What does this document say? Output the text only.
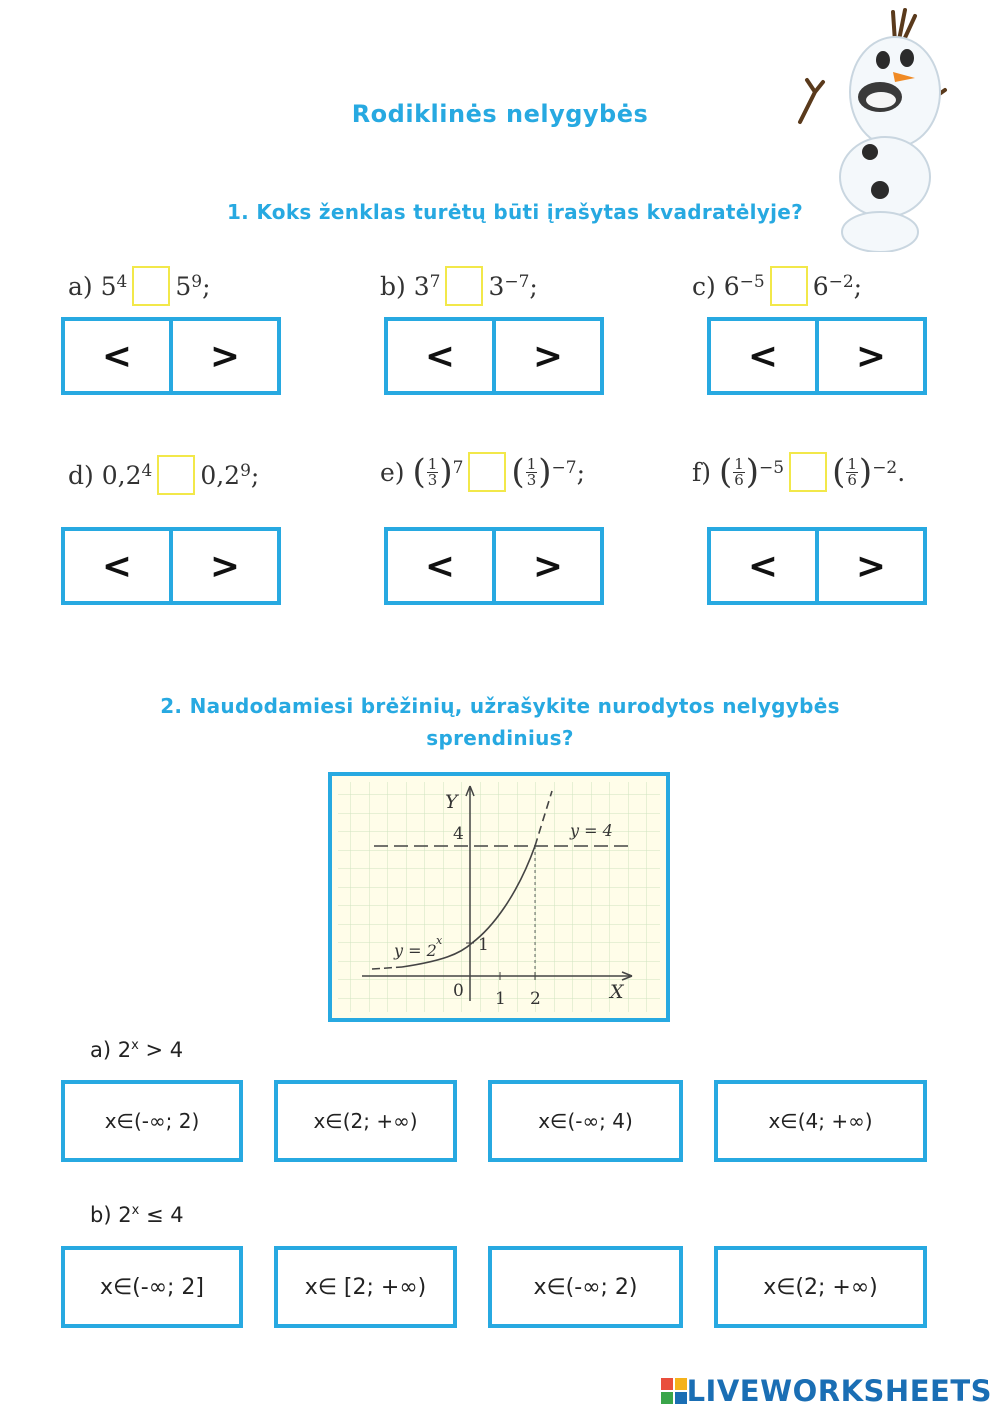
Rodiklinės nelygybės
1. Koks ženklas turėtų būti įrašytas kvadratėlyje?
a)
$5^4$ $5^9$ ;	b)
$3^7$ $3^{-7}$ ;	c)
$6^{-5}$ $6^{-2}$ ;
<	>	<	>	<	>
d)
$0,2^4$ $0,2^9$ ;	e)
( $\frac{1}{3} )^7$ ( $\frac{1}{3} )^{-7}$ ;	f)
( $\frac{1}{6} )^{-5}$ ( $\frac{1}{6} )^{-2}$ .
<	>	<	>	<	>
2. Naudodamiesi brėžinių, užrašykite nurodytos nelygybės
sprendinius?
Y
X
0 1 2
4
1
y = 4
y = 2
x
a) $2^x > 4$
x∈(-∞; 2)	x∈(2; +∞)	x∈(-∞; 4)	x∈(4; +∞)
b) $2^x \le 4$
x∈(-∞; 2]	x∈ [2; +∞)	x∈(-∞; 2)	x∈(2; +∞)
LIVEWORKSHEETS
